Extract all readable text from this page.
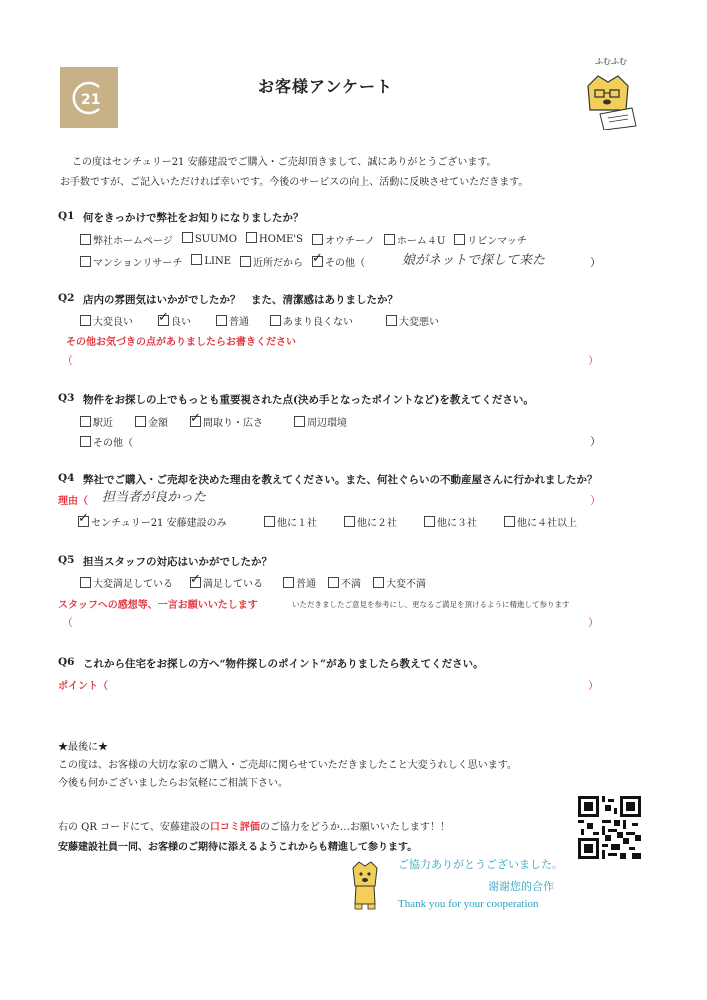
21
お客様アンケート
ふむふむ
この度はセンチュリー21 安藤建設でご購入・ご売却頂きまして、誠にありがとうございます。
お手数ですが、ご記入いただければ幸いです。今後のサービスの向上、活動に反映させていただきます。
Q1 何をきっかけで弊社をお知りになりましたか？
弊社ホームページ	SUUMO	HOME'S	オウチーノ	ホーム４U	リビンマッチ
マンションリサーチ	LINE	近所だから ✓	その他（	娘がネットで探して来た	）
Q2 店内の雰囲気はいかがでしたか？　また、清潔感はありましたか？
大変良い ✓	良い	普通	あまり良くない	大変悪い
その他お気づきの点がありましたらお書きください
（	）
Q3 物件をお探しの上でもっとも重要視された点(決め手となったポイントなど)を教えてください。
駅近	金額 ✓	間取り・広さ	周辺環境
その他（	）
Q4 弊社でご購入・ご売却を決めた理由を教えてください。また、何社ぐらいの不動産屋さんに行かれましたか？
理由（ 担当者が良かった	）
✓センチュリー21 安藤建設のみ	他に１社	他に２社	他に３社	他に４社以上
Q5 担当スタッフの対応はいかがでしたか？
大変満足している ✓	満足している	普通	不満	大変不満
スタッフへの感想等、一言お願いいたします	いただきましたご意見を参考にし、更なるご満足を頂けるように精進して参ります
（	）
Q6 これから住宅をお探しの方へ“物件探しのポイント”がありましたら教えてください。
ポイント（	）
★最後に★
この度は、お客様の大切な家のご購入・ご売却に関らせていただきましたこと大変うれしく思います。
今後も何かございましたらお気軽にご相談下さい。
右の QR コードにて、安藤建設の口コミ評価のご協力をどうか…お願いいたします！！
安藤建設社員一同、お客様のご期待に添えるようこれからも精進して参ります。
ご協力ありがとうございました。
谢谢您的合作
Thank you for your cooperation
